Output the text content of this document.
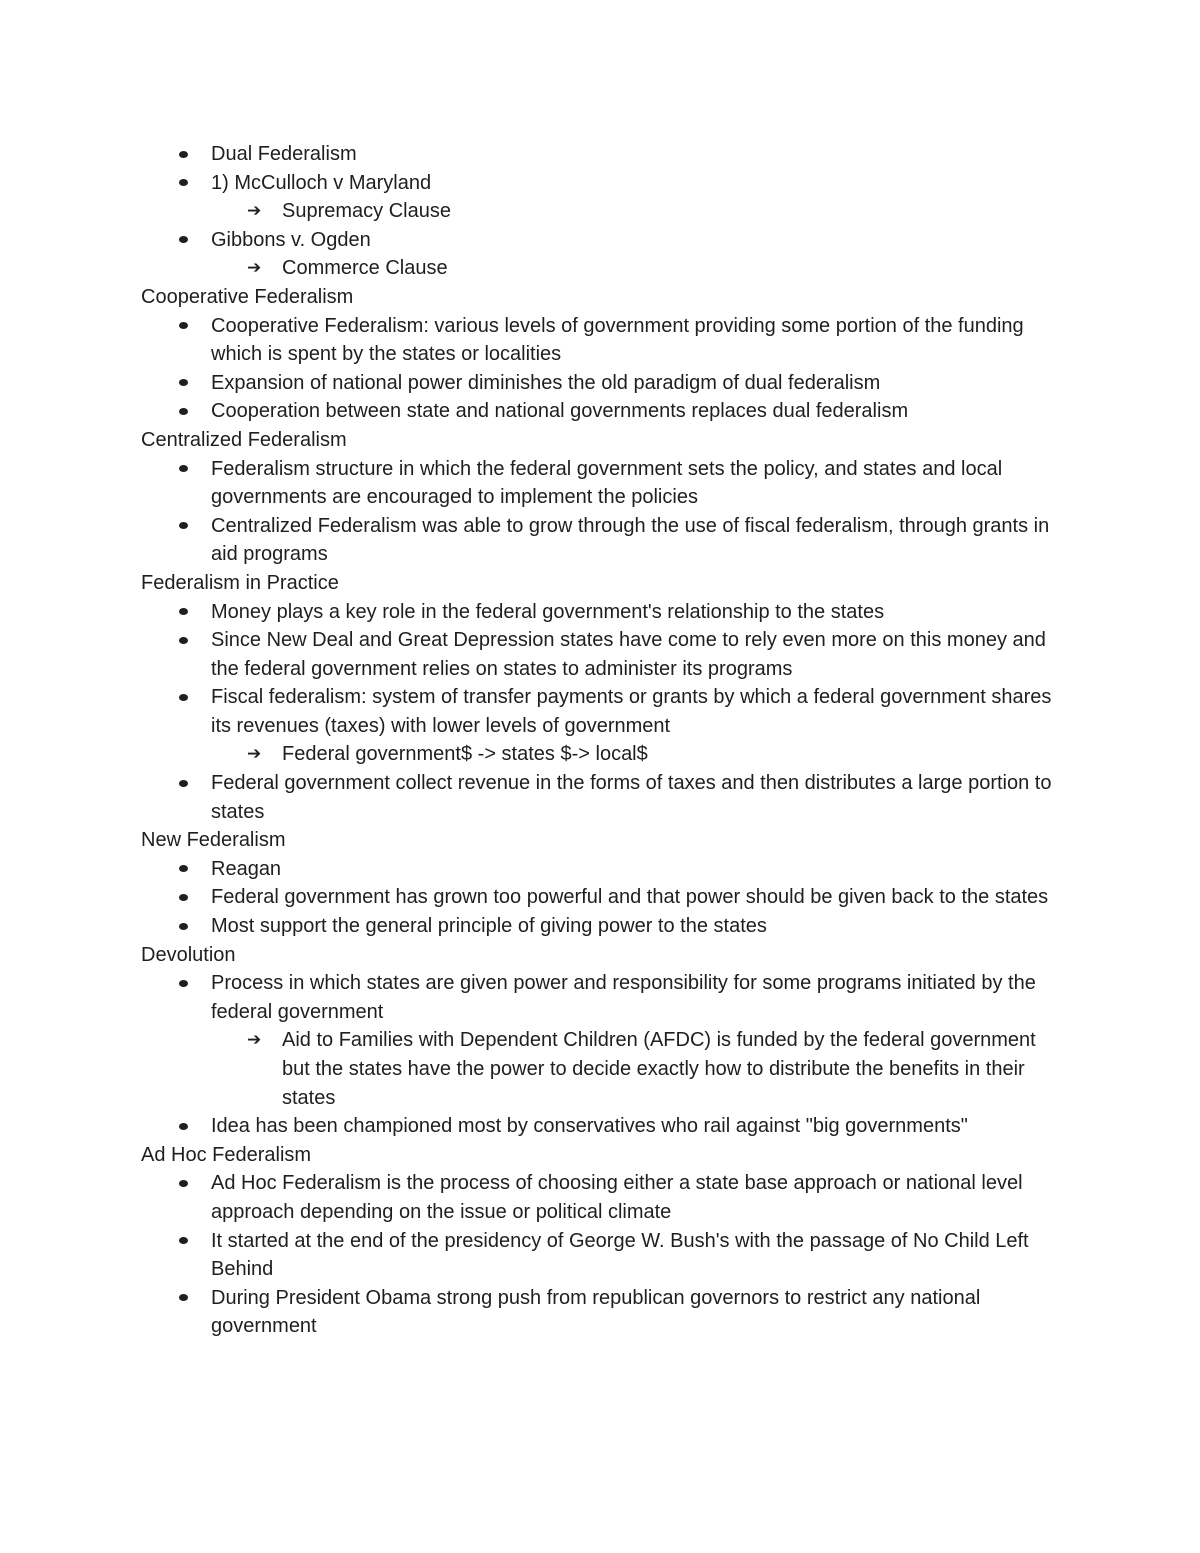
Dual Federalism
1) McCulloch v Maryland
➔ Supremacy Clause
Gibbons v. Ogden
➔ Commerce Clause
Cooperative Federalism
Cooperative Federalism: various levels of government providing some portion of the funding which is spent by the states or localities
Expansion of national power diminishes the old paradigm of dual federalism
Cooperation between state and national governments replaces dual federalism
Centralized Federalism
Federalism structure in which the federal government sets the policy, and states and local governments are encouraged to implement the policies
Centralized Federalism was able to grow through the use of fiscal federalism, through grants in aid programs
Federalism in Practice
Money plays a key role in the federal government's relationship to the states
Since New Deal and Great Depression states have come to rely even more on this money and the federal government relies on states to administer its programs
Fiscal federalism: system of transfer payments or grants by which a federal government shares its revenues (taxes) with lower levels of government
➔ Federal government$ -> states $-> local$
Federal government collect revenue in the forms of taxes and then distributes a large portion to states
New Federalism
Reagan
Federal government has grown too powerful and that power should be given back to the states
Most support the general principle of giving power to the states
Devolution
Process in which states are given power and responsibility for some programs initiated by the federal government
➔ Aid to Families with Dependent Children (AFDC) is funded by the federal government but the states have the power to decide exactly how to distribute the benefits in their states
Idea has been championed most by conservatives who rail against "big governments"
Ad Hoc Federalism
Ad Hoc Federalism is the process of choosing either a state base approach or national level approach depending on the issue or political climate
It started at the end of the presidency of George W. Bush's with the passage of No Child Left Behind
During President Obama strong push from republican governors to restrict any national government
